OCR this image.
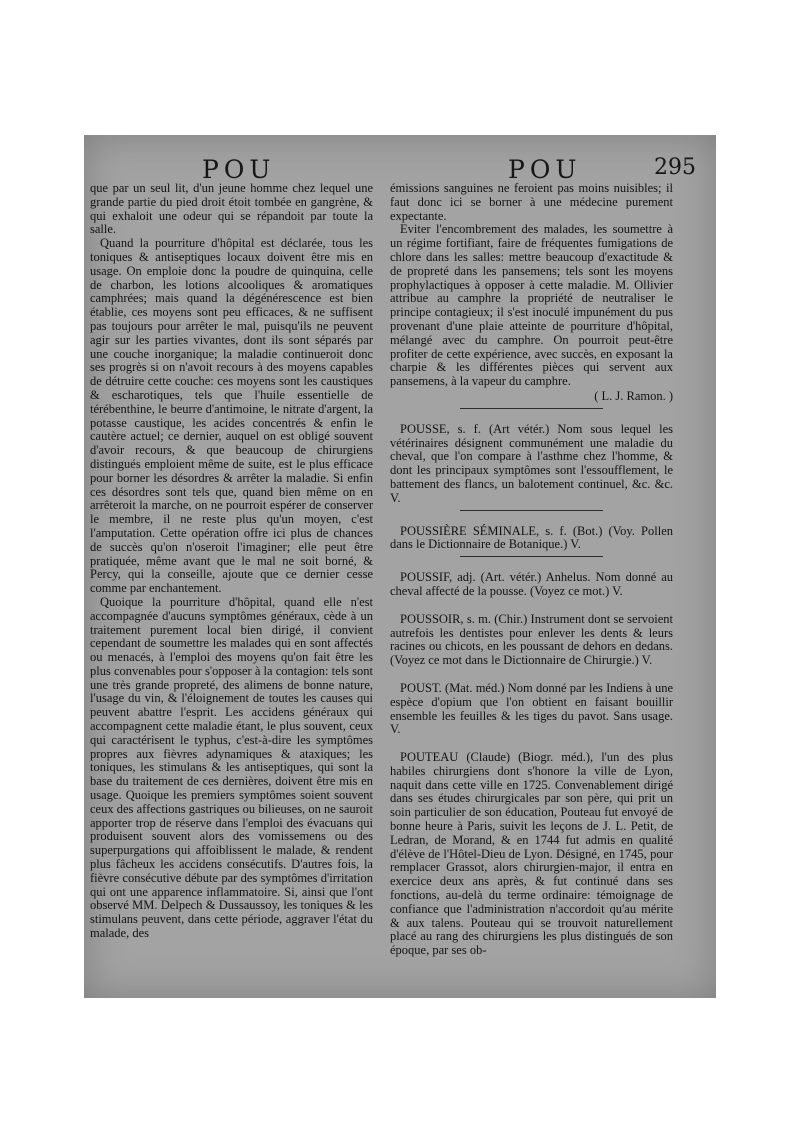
POU	POU	295

que par un seul lit, d'un jeune homme chez lequel une grande partie du pied droit étoit tombée en gangrène, & qui exhaloit une odeur qui se répandoit par toute la salle.

Quand la pourriture d'hôpital est déclarée, tous les toniques & antiseptiques locaux doivent être mis en usage. On emploie donc la poudre de quinquina, celle de charbon, les lotions alcooliques & aromatiques camphrées; mais quand la dégénérescence est bien établie, ces moyens sont peu efficaces, & ne suffisent pas toujours pour arrêter le mal, puisqu'ils ne peuvent agir sur les parties vivantes, dont ils sont séparés par une couche inorganique; la maladie continueroit donc ses progrès si on n'avoit recours à des moyens capables de détruire cette couche: ces moyens sont les caustiques & escharotiques, tels que l'huile essentielle de térébenthine, le beurre d'antimoine, le nitrate d'argent, la potasse caustique, les acides concentrés & enfin le cautère actuel; ce dernier, auquel on est obligé souvent d'avoir recours, & que beaucoup de chirurgiens distingués emploient même de suite, est le plus efficace pour borner les désordres & arrêter la maladie. Si enfin ces désordres sont tels que, quand bien même on en arrêteroit la marche, on ne pourroit espérer de conserver le membre, il ne reste plus qu'un moyen, c'est l'amputation. Cette opération offre ici plus de chances de succès qu'on n'oseroit l'imaginer; elle peut être pratiquée, même avant que le mal ne soit borné, & Percy, qui la conseille, ajoute que ce dernier cesse comme par enchantement.

Quoique la pourriture d'hôpital, quand elle n'est accompagnée d'aucuns symptômes généraux, cède à un traitement purement local bien dirigé, il convient cependant de soumettre les malades qui en sont affectés ou menacés, à l'emploi des moyens qu'on fait être les plus convenables pour s'opposer à la contagion: tels sont une très grande propreté, des alimens de bonne nature, l'usage du vin, & l'éloignement de toutes les causes qui peuvent abattre l'esprit. Les accidens généraux qui accompagnent cette maladie étant, le plus souvent, ceux qui caractérisent le typhus, c'est-à-dire les symptômes propres aux fièvres adynamiques & ataxiques; les toniques, les stimulans & les antiseptiques, qui sont la base du traitement de ces dernières, doivent être mis en usage. Quoique les premiers symptômes soient souvent ceux des affections gastriques ou bilieuses, on ne sauroit apporter trop de réserve dans l'emploi des évacuans qui produisent souvent alors des vomissemens ou des superpurgations qui affoiblissent le malade, & rendent plus fâcheux les accidens consécutifs. D'autres fois, la fièvre consécutive débute par des symptômes d'irritation qui ont une apparence inflammatoire. Si, ainsi que l'ont observé MM. Delpech & Dussaussoy, les toniques & les stimulans peuvent, dans cette période, aggraver l'état du malade, des

émissions sanguines ne feroient pas moins nuisibles; il faut donc ici se borner à une médecine purement expectante.

Eviter l'encombrement des malades, les soumettre à un régime fortifiant, faire de fréquentes fumigations de chlore dans les salles: mettre beaucoup d'exactitude & de propreté dans les pansemens; tels sont les moyens prophylactiques à opposer à cette maladie. M. Ollivier attribue au camphre la propriété de neutraliser le principe contagieux; il s'est inoculé impunément du pus provenant d'une plaie atteinte de pourriture d'hôpital, mélangé avec du camphre. On pourroit peut-être profiter de cette expérience, avec succès, en exposant la charpie & les différentes pièces qui servent aux pansemens, à la vapeur du camphre.

( L. J. Ramon. )

POUSSE, s. f. (Art vétér.) Nom sous lequel les vétérinaires désignent communément une maladie du cheval, que l'on compare à l'asthme chez l'homme, & dont les principaux symptômes sont l'essoufflement, le battement des flancs, un balotement continuel, &c. &c. V.

POUSSIÈRE SÉMINALE, s. f. (Bot.) (Voy. Pollen dans le Dictionnaire de Botanique.) V.

POUSSIF, adj. (Art. vétér.) Anhelus. Nom donné au cheval affecté de la pousse. (Voyez ce mot.) V.

POUSSOIR, s. m. (Chir.) Instrument dont se servoient autrefois les dentistes pour enlever les dents & leurs racines ou chicots, en les poussant de dehors en dedans. (Voyez ce mot dans le Dictionnaire de Chirurgie.) V.

POUST. (Mat. méd.) Nom donné par les Indiens à une espèce d'opium que l'on obtient en faisant bouillir ensemble les feuilles & les tiges du pavot. Sans usage. V.

POUTEAU (Claude) (Biogr. méd.), l'un des plus habiles chirurgiens dont s'honore la ville de Lyon, naquit dans cette ville en 1725. Convenablement dirigé dans ses études chirurgicales par son père, qui prit un soin particulier de son éducation, Pouteau fut envoyé de bonne heure à Paris, suivit les leçons de J. L. Petit, de Ledran, de Morand, & en 1744 fut admis en qualité d'élève de l'Hôtel-Dieu de Lyon. Désigné, en 1745, pour remplacer Grassot, alors chirurgien-major, il entra en exercice deux ans après, & fut continué dans ses fonctions, au-delà du terme ordinaire: témoignage de confiance que l'administration n'accordoit qu'au mérite & aux talens. Pouteau qui se trouvoit naturellement placé au rang des chirurgiens les plus distingués de son époque, par ses ob-
